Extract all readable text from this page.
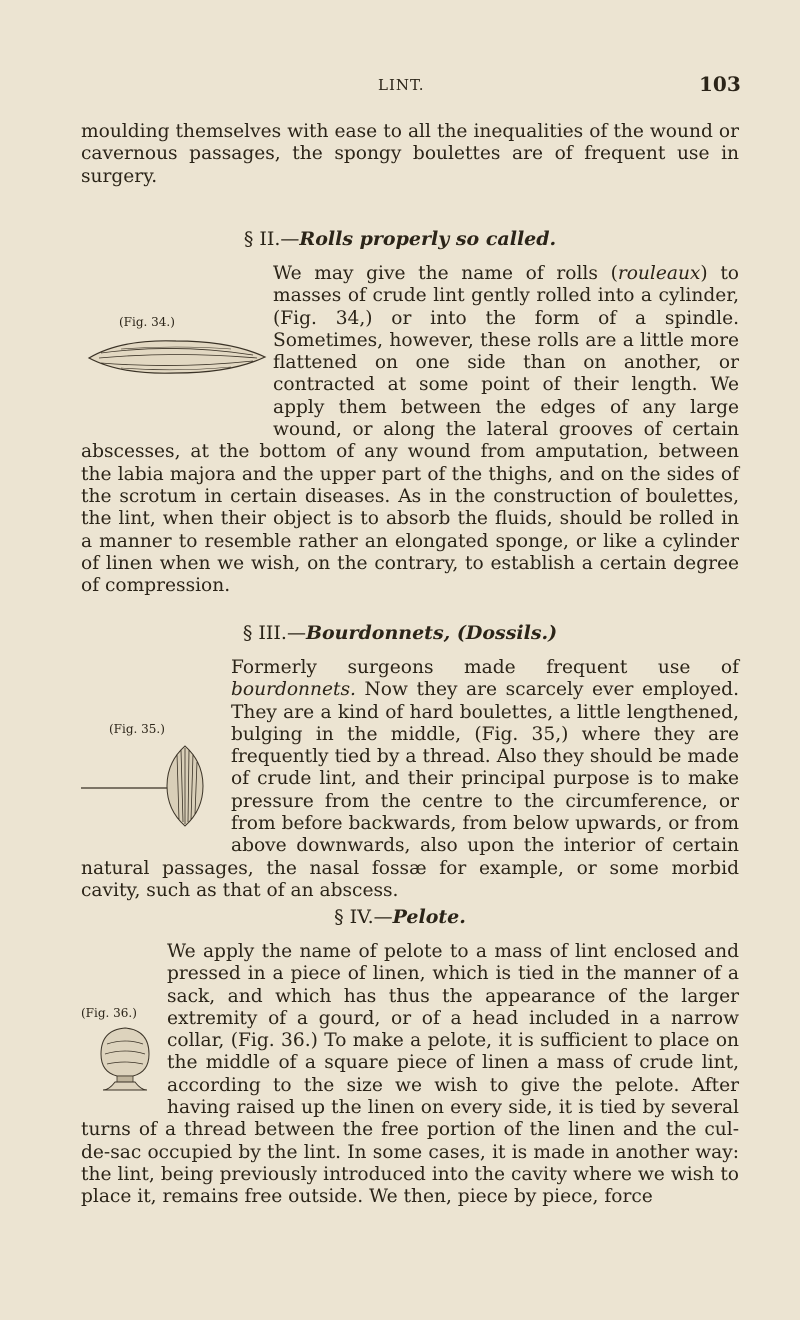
LINT.	103

moulding themselves with ease to all the inequalities of the wound or cavernous passages, the spongy boulettes are of frequent use in surgery.

§ II.—Rolls properly so called.

We may give the name of rolls (rouleaux) to masses of crude lint gently rolled into a cylinder, (Fig. 34,) or into the form of a spindle. Sometimes, however, these rolls are a little more flattened on one side than on another, or contracted at some point of their length. We apply them between the edges of any large wound, or along the lateral grooves of certain abscesses, at the bottom of any wound from amputation, between the labia majora and the upper part of the thighs, and on the sides of the scrotum in certain diseases. As in the construction of boulettes, the lint, when their object is to absorb the fluids, should be rolled in a manner to resemble rather an elongated sponge, or like a cylinder of linen when we wish, on the contrary, to establish a certain degree of compression.
(Fig. 34.)

§ III.—Bourdonnets, (Dossils.)

Formerly surgeons made frequent use of bourdonnets. Now they are scarcely ever employed. They are a kind of hard boulettes, a little lengthened, bulging in the middle, (Fig. 35,) where they are frequently tied by a thread. Also they should be made of crude lint, and their principal purpose is to make pressure from the centre to the circumference, or from before backwards, from below upwards, or from above downwards, also upon the interior of certain natural passages, the nasal fossæ for example, or some morbid cavity, such as that of an abscess.
(Fig. 35.)

§ IV.—Pelote.

We apply the name of pelote to a mass of lint enclosed and pressed in a piece of linen, which is tied in the manner of a sack, and which has thus the appearance of the larger extremity of a gourd, or of a head included in a narrow collar, (Fig. 36.) To make a pelote, it is sufficient to place on the middle of a square piece of linen a mass of crude lint, according to the size we wish to give the pelote. After having raised up the linen on every side, it is tied by several turns of a thread between the free portion of the linen and the cul-de-sac occupied by the lint. In some cases, it is made in another way: the lint, being previously introduced into the cavity where we wish to place it, remains free outside. We then, piece by piece, force
(Fig. 36.)
